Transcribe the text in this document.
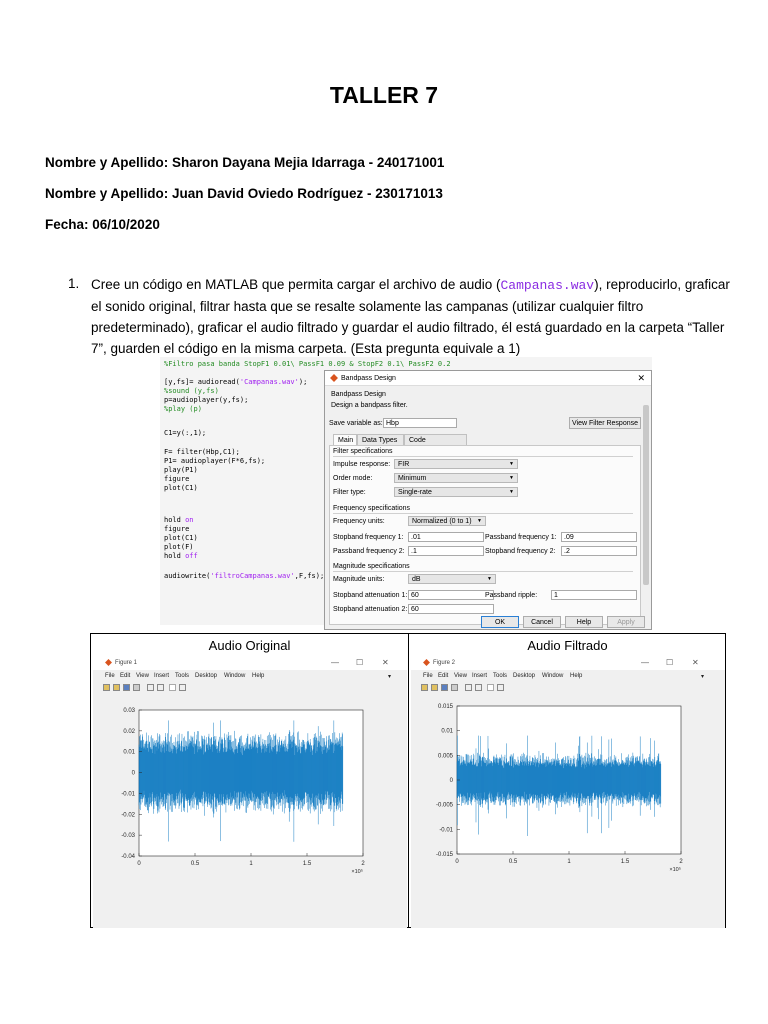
TALLER 7
Nombre y Apellido: Sharon Dayana Mejia Idarraga - 240171001
Nombre y Apellido: Juan David Oviedo Rodríguez - 230171013
Fecha: 06/10/2020
1. Cree un código en MATLAB que permita cargar el archivo de audio (Campanas.wav), reproducirlo, graficar el sonido original, filtrar hasta que se resalte solamente las campanas (utilizar cualquier filtro predeterminado), graficar el audio filtrado y guardar el audio filtrado, él está guardado en la carpeta “Taller 7”, guarden el código en la misma carpeta. (Esta pregunta equivale a 1)
%Filtro pasa banda StopF1 0.01\ PassF1 0.09 & StopF2 0.1\ PassF2 0.2
[y,fs]= audioread('Campanas.wav');
%sound (y,fs)
p=audioplayer(y,fs);
%play (p)
C1=y(:,1);
F= filter(Hbp,C1);
P1= audioplayer(F*6,fs);
play(P1)
figure
plot(C1)
hold on
figure
plot(C1)
plot(F)
hold off
audiowrite('filtroCampanas.wav',F,fs);
Bandpass Design	✕
Bandpass Design
Design a bandpass filter.
Save variable as: Hbp	View Filter Response
Main	Data Types	Code
Filter specifications
Impulse response:	FIR	▼
Order mode:	Minimum	▼
Filter type:	Single-rate	▼
Frequency specifications
Frequency units:	Normalized (0 to 1) ▼
Stopband frequency 1:	.01	Passband frequency 1:	.09
Passband frequency 2: .1	Stopband frequency 2:	.2
Magnitude specifications
Magnitude units:	dB	▼
Stopband attenuation 1: 60	Passband ripple:	1
Stopband attenuation 2: 60
OK	Cancel	Help	Apply
Audio Original	Audio Filtrado
Figure 1	— ☐ ✕
File Edit View Insert Tools Desktop Window Help	▾
0.03
0.02
0.01
0
-0.01
-0.02
-0.03
-0.04
0	0.5	1	1.5	2
×10⁵
Figure 2	— ☐ ✕
File Edit View Insert Tools Desktop Window Help	▾
0.015
0.01
0.005
0
-0.005
-0.01
-0.015
0	0.5	1	1.5	2
×10⁵
